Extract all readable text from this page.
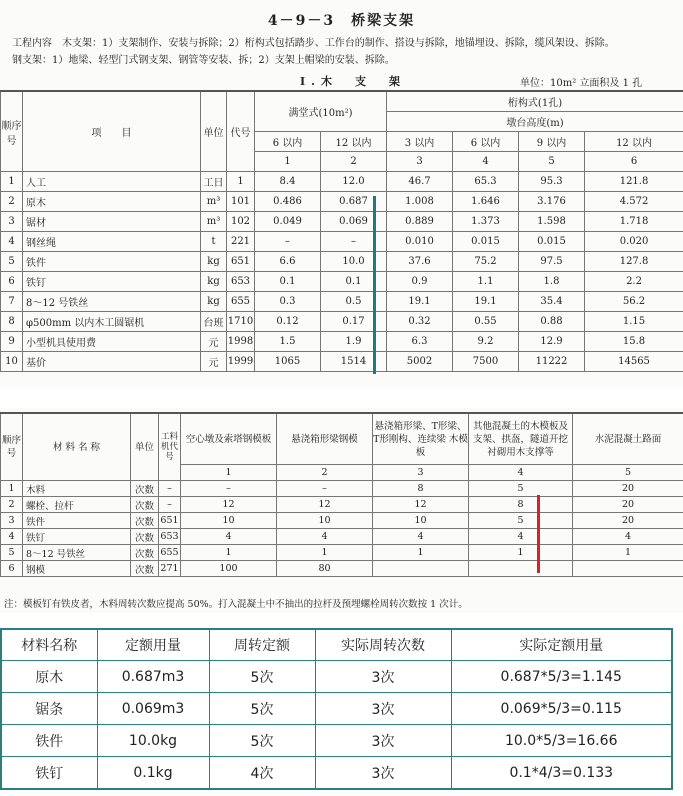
4－9－3　桥梁支架
工程内容 木支架：1）支架制作、安装与拆除；2）桁构式包括踏步、工作台的制作、搭设与拆除，地锚埋设、拆除，缆风架设、拆除。
钢支架：1）地梁、轻型门式钢支架、钢管等安装、拆；2）支架上帽梁的安装、拆除。
I.木　支　架	单位：10m² 立面积及 1 孔
顺序号	项　　目	单位	代号	满堂式(10m²)		桁构式(1孔)			
						墩台高度(m)			
				6 以内	12 以内	3 以内	6 以内	9 以内	12 以内
				1	2	3	4	5	6
1	人工	工日	1	8.4	12.0	46.7	65.3	95.3	121.8
2	原木	m³	101	0.486	0.687	1.008	1.646	3.176	4.572
3	锯材	m³	102	0.049	0.069	0.889	1.373	1.598	1.718
4	钢丝绳	t	221	–	–	0.010	0.015	0.015	0.020
5	铁件	kg	651	6.6	10.0	37.6	75.2	97.5	127.8
6	铁钉	kg	653	0.1	0.1	0.9	1.1	1.8	2.2
7	8～12 号铁丝	kg	655	0.3	0.5	19.1	19.1	35.4	56.2
8	φ500mm 以内木工圆锯机	台班	1710	0.12	0.17	0.32	0.55	0.88	1.15
9	小型机具使用费	元	1998	1.5	1.9	6.3	9.2	12.9	15.8
10	基价	元	1999	1065	1514	5002	7500	11222	14565
顺序号	材 料 名 称	单位	工料机代号	空心墩及索塔钢模板	悬浇箱形梁钢模	悬浇箱形梁、T形梁、T形刚构、连续梁 木模板	其他混凝土的木模板及支架、拱盔，隧道开挖衬砌用木支撑等	水泥混凝土路面
				1	2	3	4	5
1	木料	次数	–	–	–	8	5	20
2	螺栓、拉杆	次数	–	12	12	12	8	20
3	铁件	次数	651	10	10	10	5	20
4	铁钉	次数	653	4	4	4	4	4
5	8～12 号铁丝	次数	655	1	1	1	1	1
6	钢模	次数	271	100	80			
注：模板钉有铁皮者，木料周转次数应提高 50%。打入混凝土中不抽出的拉杆及预埋螺栓周转次数按 1 次计。
材料名称	定额用量	周转定额	实际周转次数	实际定额用量
原木	0.687m3	5次	3次	0.687*5/3=1.145
锯条	0.069m3	5次	3次	0.069*5/3=0.115
铁件	10.0kg	5次	3次	10.0*5/3=16.66
铁钉	0.1kg	4次	3次	0.1*4/3=0.133
